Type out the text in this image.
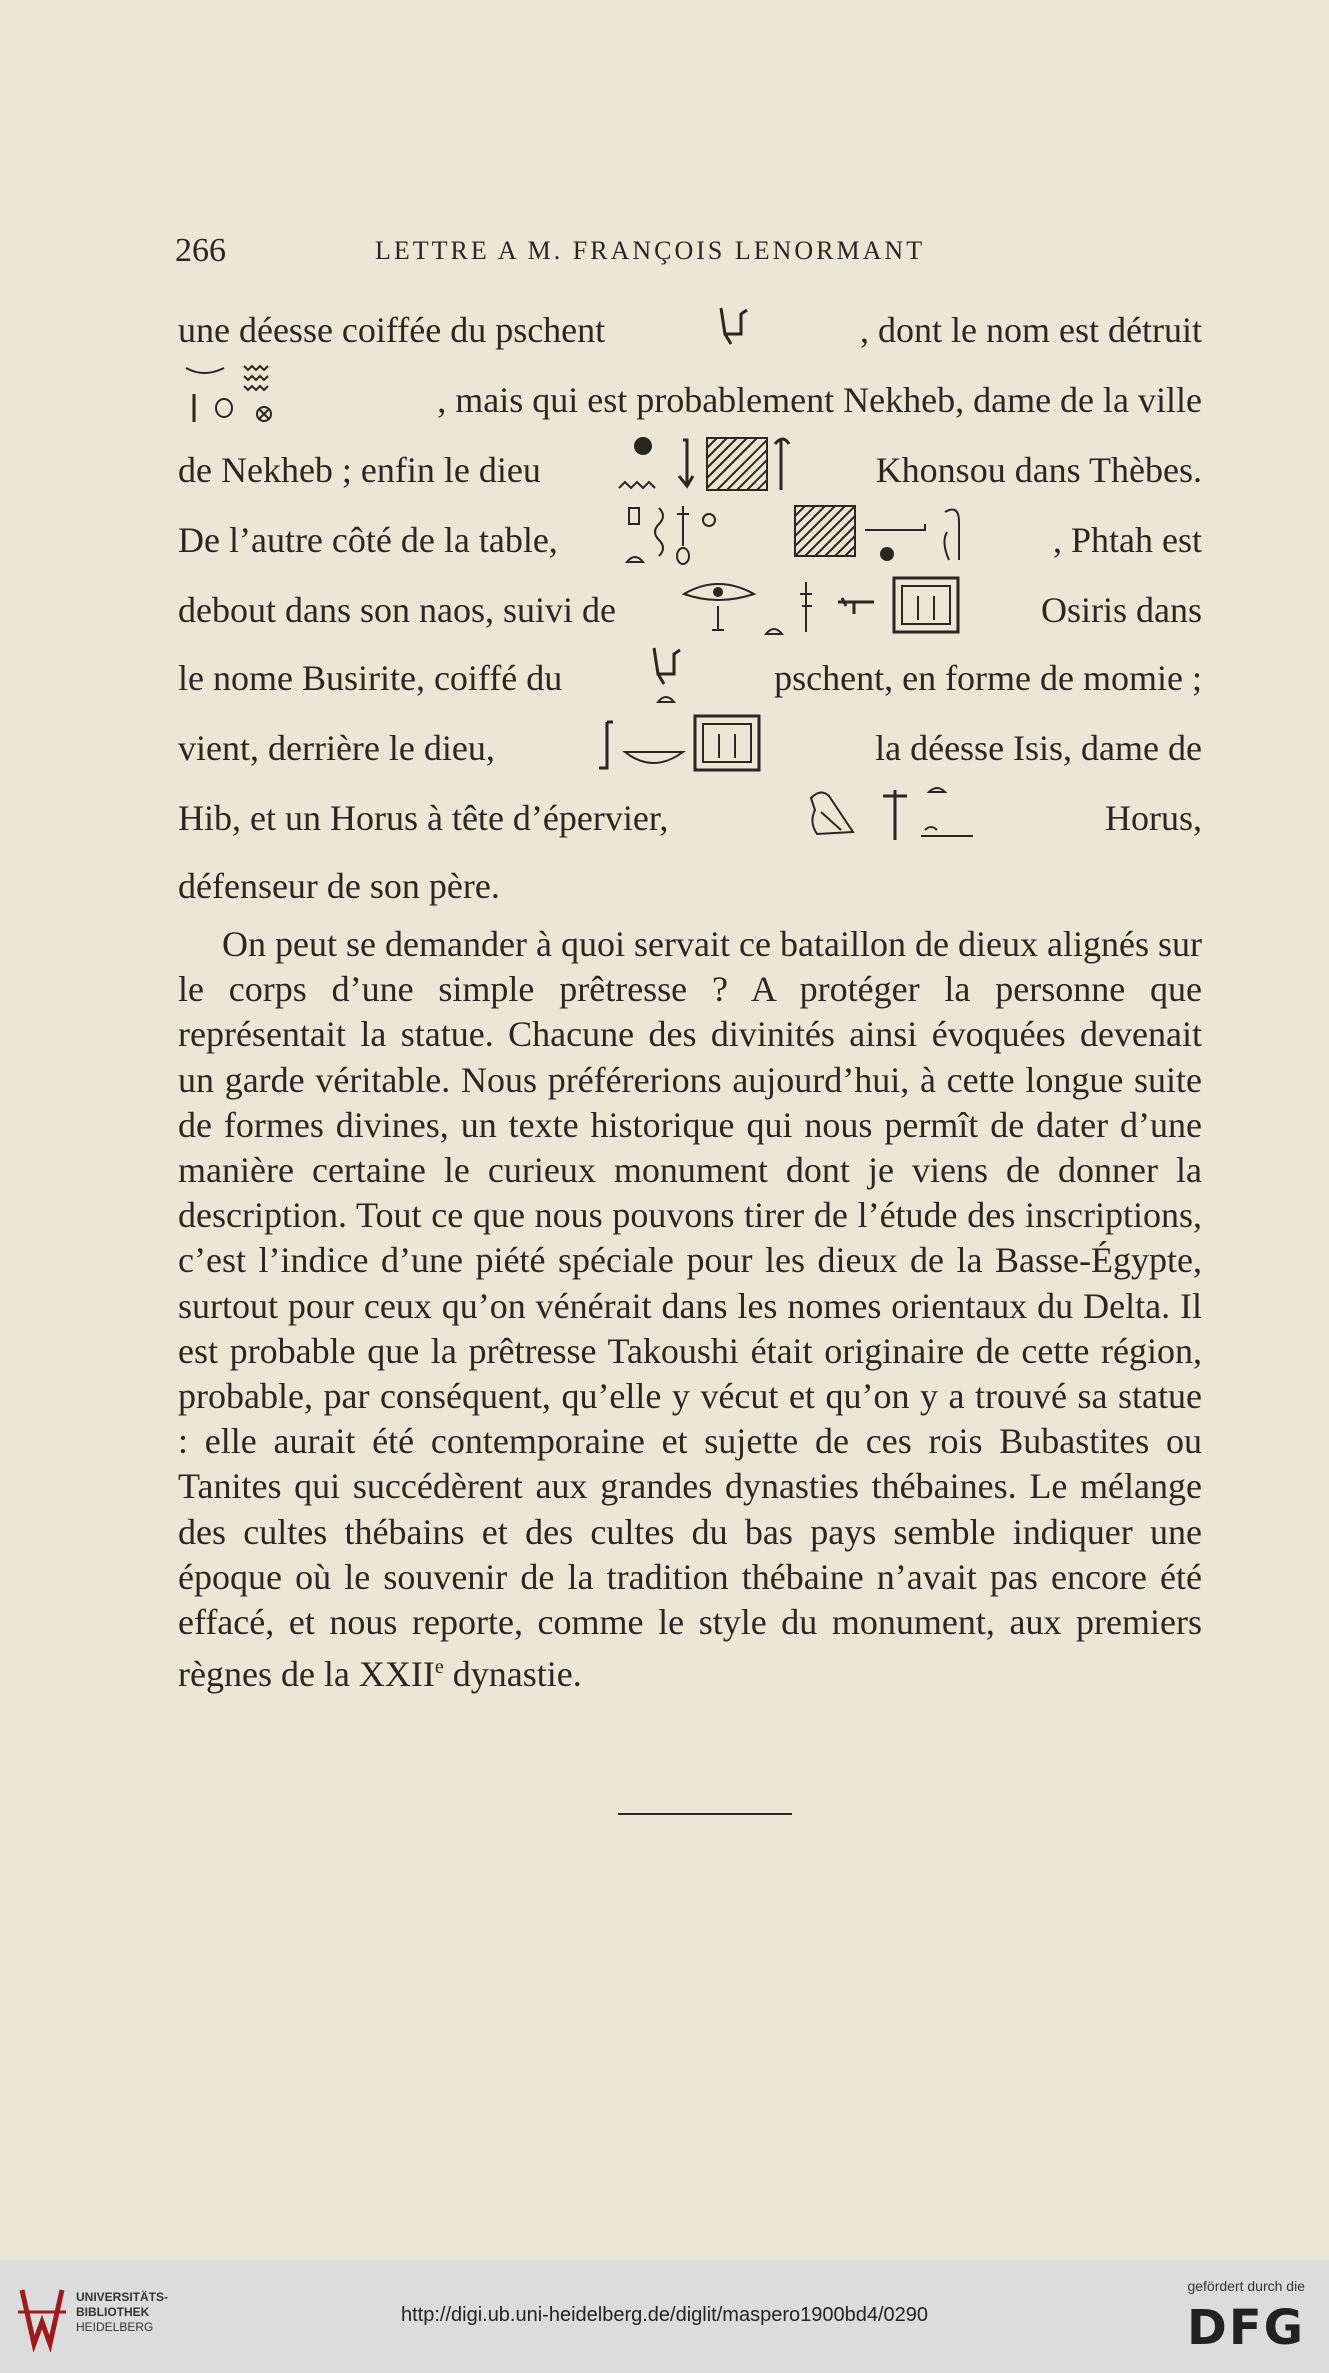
266	LETTRE A M. FRANÇOIS LENORMANT
une déesse coiffée du pschent	, dont le nom est détruit
, mais qui est probablement Nekheb, dame de la ville
de Nekheb ; enfin le dieu	Khonsou dans Thèbes.
De l’autre côté de la table,	, Phtah est
debout dans son naos, suivi de	Osiris dans
le nome Busirite, coiffé du	pschent, en forme de momie ;
vient, derrière le dieu,	la déesse Isis, dame de
Hib, et un Horus à tête d’épervier,	Horus,
défenseur de son père.
On peut se demander à quoi servait ce bataillon de dieux alignés sur le corps d’une simple prêtresse ? A protéger la personne que représentait la statue. Chacune des divinités ainsi évoquées devenait un garde véritable. Nous préférerions aujourd’hui, à cette longue suite de formes divines, un texte historique qui nous permît de dater d’une manière certaine le curieux monument dont je viens de donner la description. Tout ce que nous pouvons tirer de l’étude des inscriptions, c’est l’indice d’une piété spéciale pour les dieux de la Basse-Égypte, surtout pour ceux qu’on vénérait dans les nomes orientaux du Delta. Il est probable que la prêtresse Takoushi était originaire de cette région, probable, par conséquent, qu’elle y vécut et qu’on y a trouvé sa statue : elle aurait été contemporaine et sujette de ces rois Bubastites ou Tanites qui succédèrent aux grandes dynasties thébaines. Le mélange des cultes thébains et des cultes du bas pays semble indiquer une époque où le souvenir de la tradition thébaine n’avait pas encore été effacé, et nous reporte, comme le style du monument, aux premiers règnes de la XXIIe dynastie.
UNIVERSITÄTS-
BIBLIOTHEK

HEIDELBERG
http://digi.ub.uni-heidelberg.de/diglit/maspero1900bd4/0290
gefördert durch die
DFG
